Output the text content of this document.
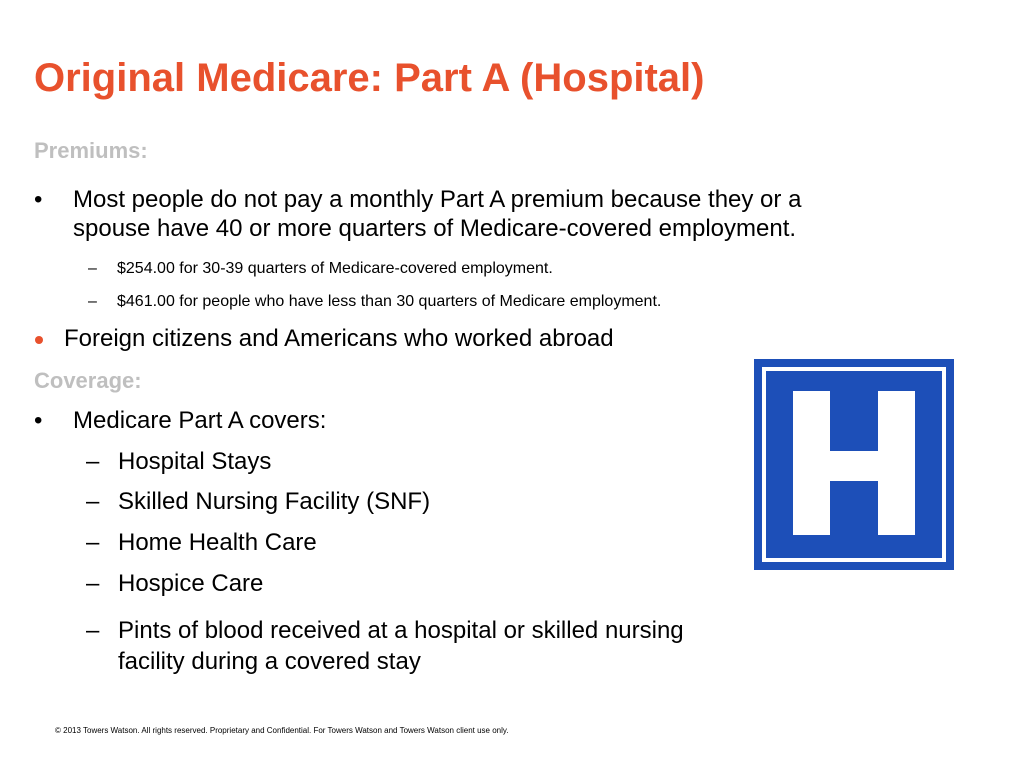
Original Medicare: Part A (Hospital)
Premiums:
• Most people do not pay a monthly Part A premium because they or a
spouse have 40 or more quarters of Medicare-covered employment.
– $254.00 for 30-39 quarters of Medicare-covered employment.
– $461.00 for people who have less than 30 quarters of Medicare employment.
Foreign citizens and Americans who worked abroad
Coverage:
• Medicare Part A covers:
– Hospital Stays
– Skilled Nursing Facility (SNF)
– Home Health Care
– Hospice Care
– Pints of blood received at a hospital or skilled nursing
facility during a covered stay
© 2013 Towers Watson. All rights reserved. Proprietary and Confidential. For Towers Watson and Towers Watson client use only.
